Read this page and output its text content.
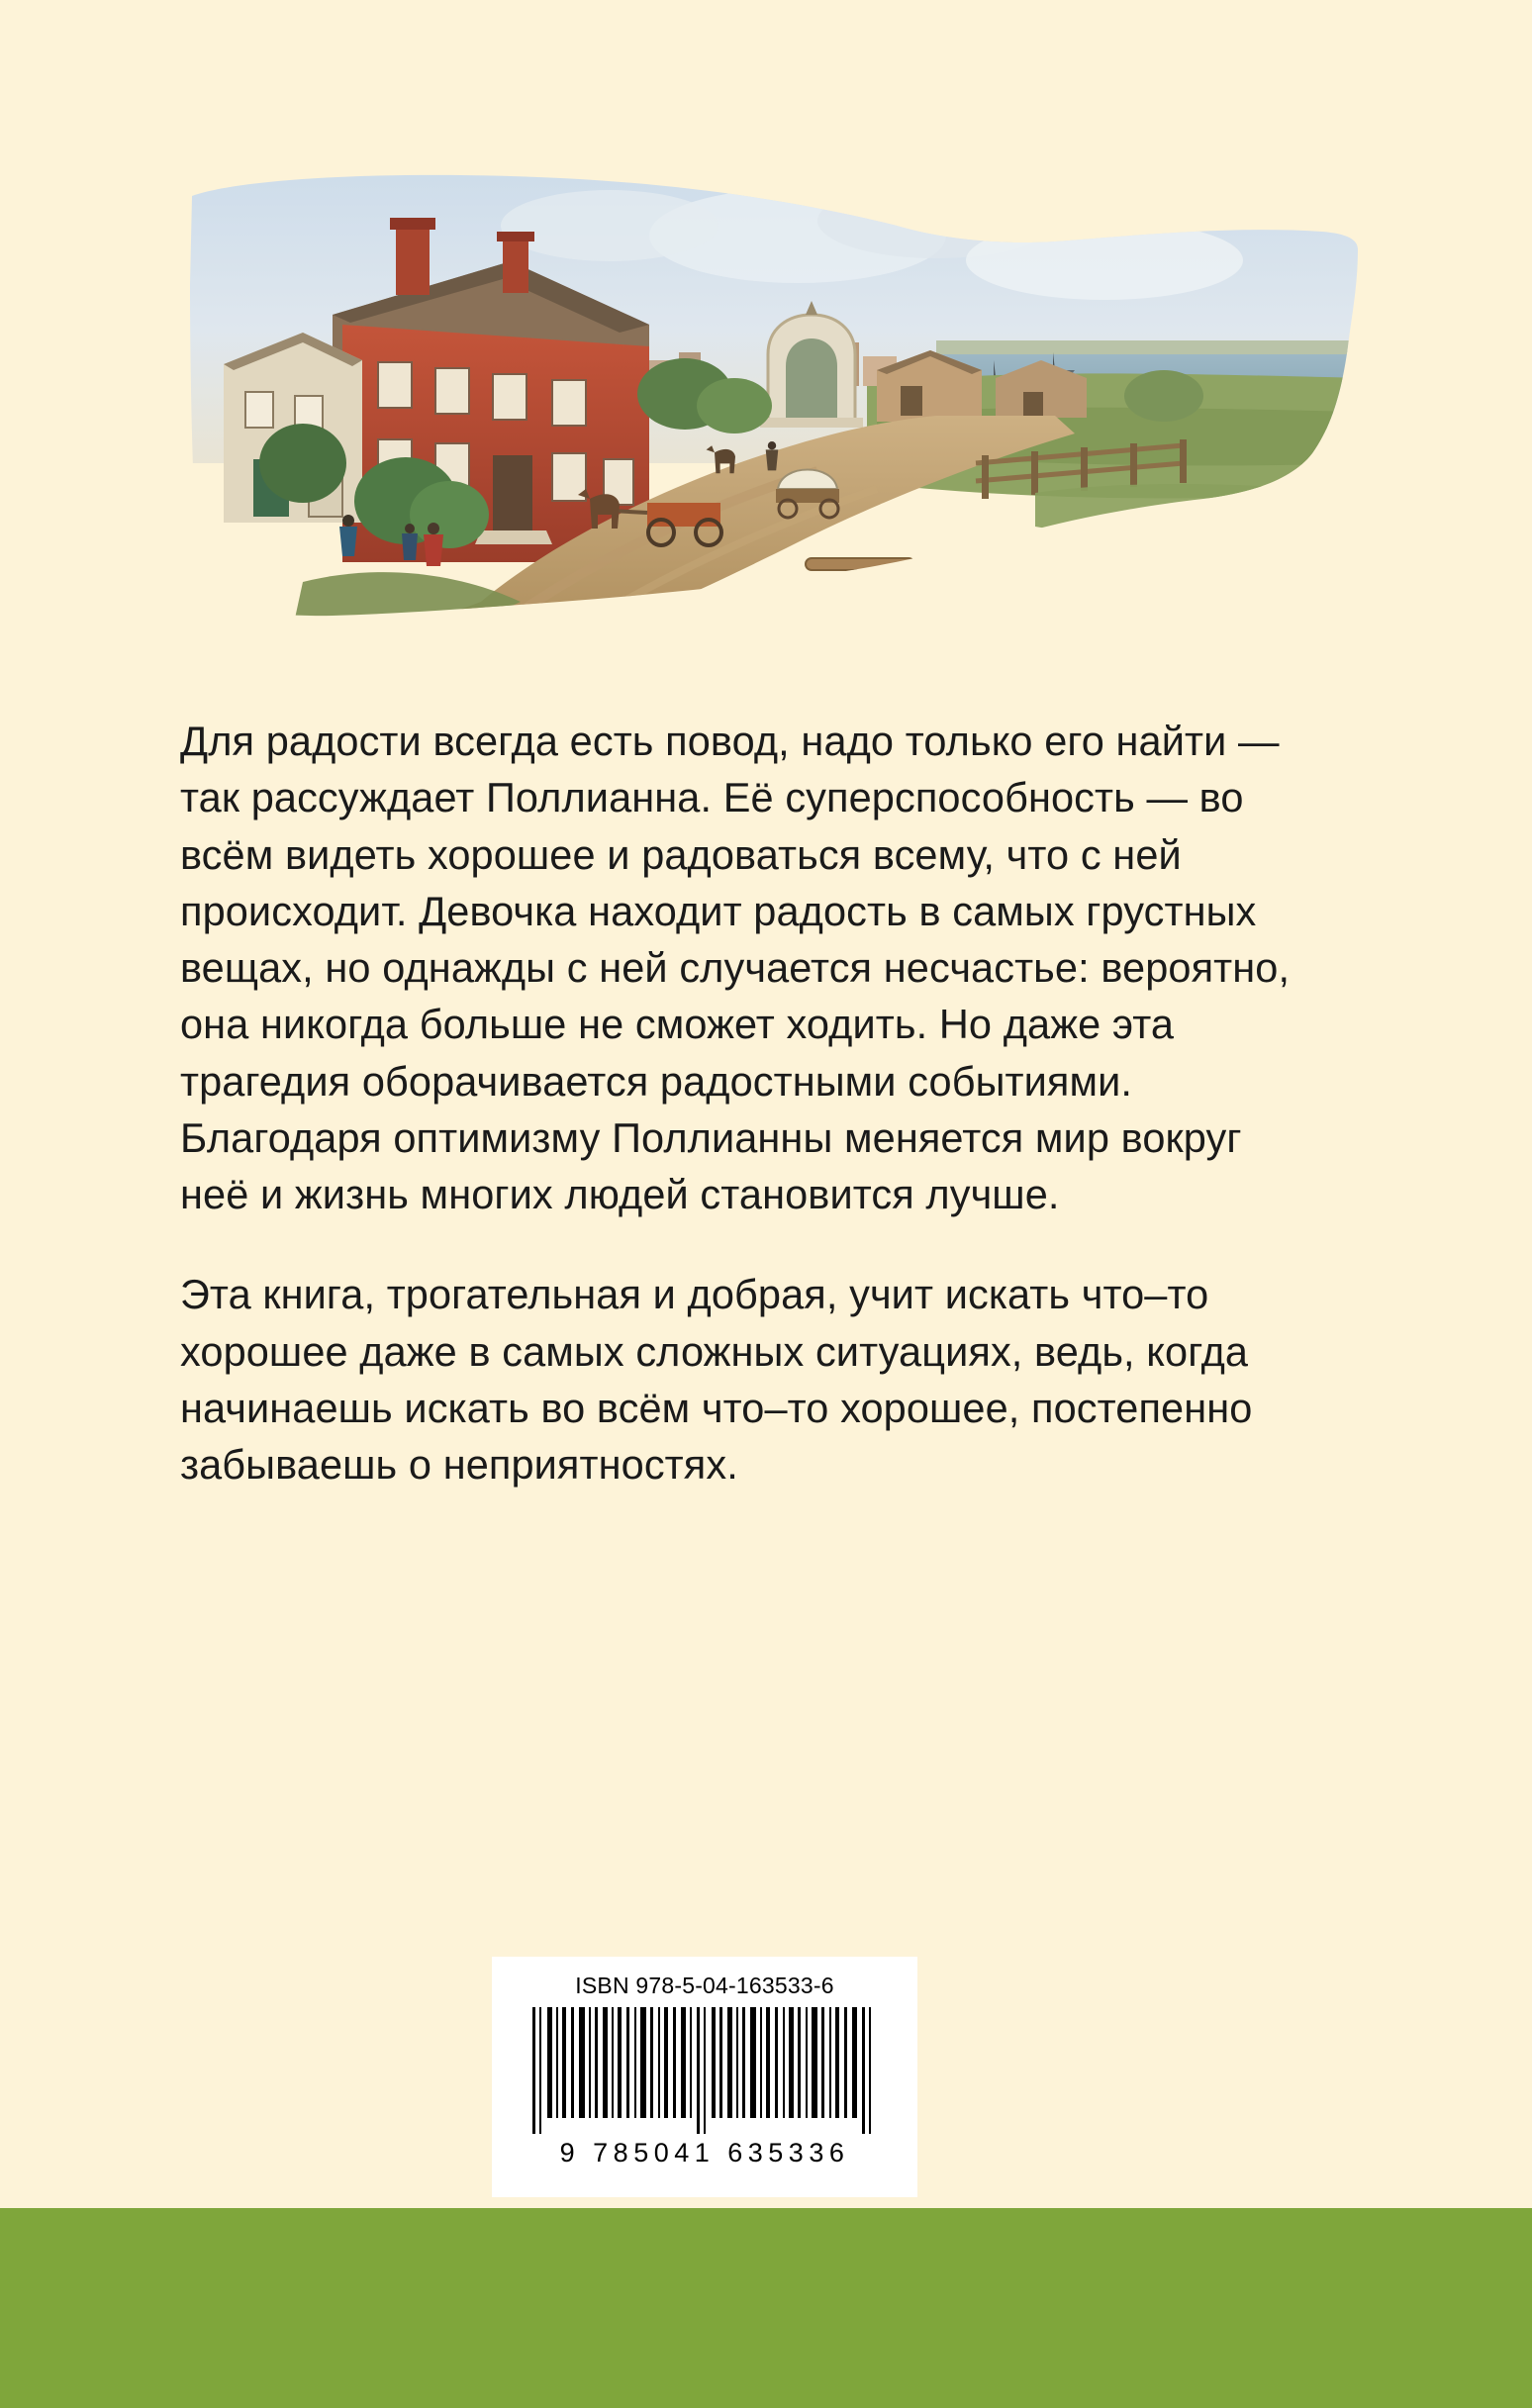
Для радости всегда есть повод, надо только его найти — так рассуждает Поллианна. Её суперспособность — во всём видеть хорошее и радоваться всему, что с ней происходит. Девочка находит радость в самых грустных вещах, но однажды с ней случается несчастье: вероятно, она никогда больше не сможет ходить. Но даже эта трагедия оборачивается радостными событиями. Благодаря оптимизму Поллианны меняется мир вокруг неё и жизнь многих людей становится лучше.

Эта книга, трогательная и добрая, учит искать что–то хорошее даже в самых сложных ситуациях, ведь, когда начинаешь искать во всём что–то хорошее, постепенно забываешь о неприятностях.

ISBN 978-5-04-163533-6
9 785041 635336
